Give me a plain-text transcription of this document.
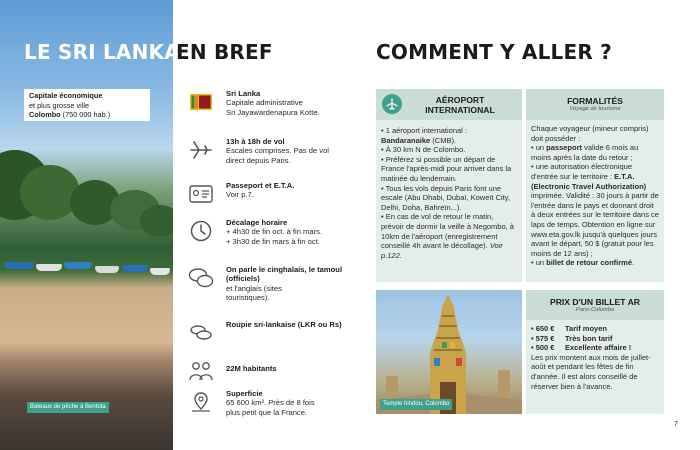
Capitale économique
et plus grosse ville
Colombo (750 000 hab.)
Bateaux de pêche à Bentota
LE SRI LANKA
EN BREF	COMMENT Y ALLER ?
Sri Lanka
Capitale administrative
Sri Jayawardenapura Kotte.
13h à 18h de vol
Escales comprises. Pas de vol
direct depuis Paris.
Passeport et E.T.A.
Voir p.7.
Décalage horaire
+ 4h30 de fin oct. à fin mars.
+ 3h30 de fin mars à fin oct.
On parle le cinghalais, le tamoul (officiels)
et l'anglais (sites
touristiques).
Roupie sri-lankaise (LKR ou Rs)
22M habitants
Superficie
65 600 km². Près de 8 fois
plus petit que la France.
AÉROPORT
INTERNATIONAL
• 1 aéroport international : Bandaranaike (CMB).
• À 30 km N de Colombo.
• Préférez si possible un départ de France l'après-midi pour arriver dans la matinée du lendemain.
• Tous les vols depuis Paris font une escale (Abu Dhabi, Dubaï, Koweït City, Delhi, Doha, Bahreïn...).
• En cas de vol de retour le matin, prévoir de dormir la veille à Negombo, à 10km de l'aéroport (enregistrement conseillé 4h avant le décollage). Voir p.122.
FORMALITÉS
Voyage de tourisme
Chaque voyageur (mineur compris) doit posséder :
• un passeport valide 6 mois au moins après la date du retour ;
• une autorisation électronique d'entrée sur le territoire : E.T.A. (Electronic Travel Authorization) imprimée. Validité : 30 jours à partir de l'entrée dans le pays et donnant droit à deux entrées sur le territoire dans ce laps de temps. Obtention en ligne sur www.eta.gov.lk jusqu'à quelques jours avant le départ, 50 $ (gratuit pour les moins de 12 ans) ;
• un billet de retour confirmé.
Temple hindou, Colombo
PRIX D'UN BILLET AR
Paris-Colombo
• 650 €	Tarif moyen
• 575 €	Très bon tarif
• 500 €	Excellente affaire !
Les prix montent aux mois de juillet-août et pendant les fêtes de fin d'année. Il est alors conseillé de réserver bien à l'avance.
7
